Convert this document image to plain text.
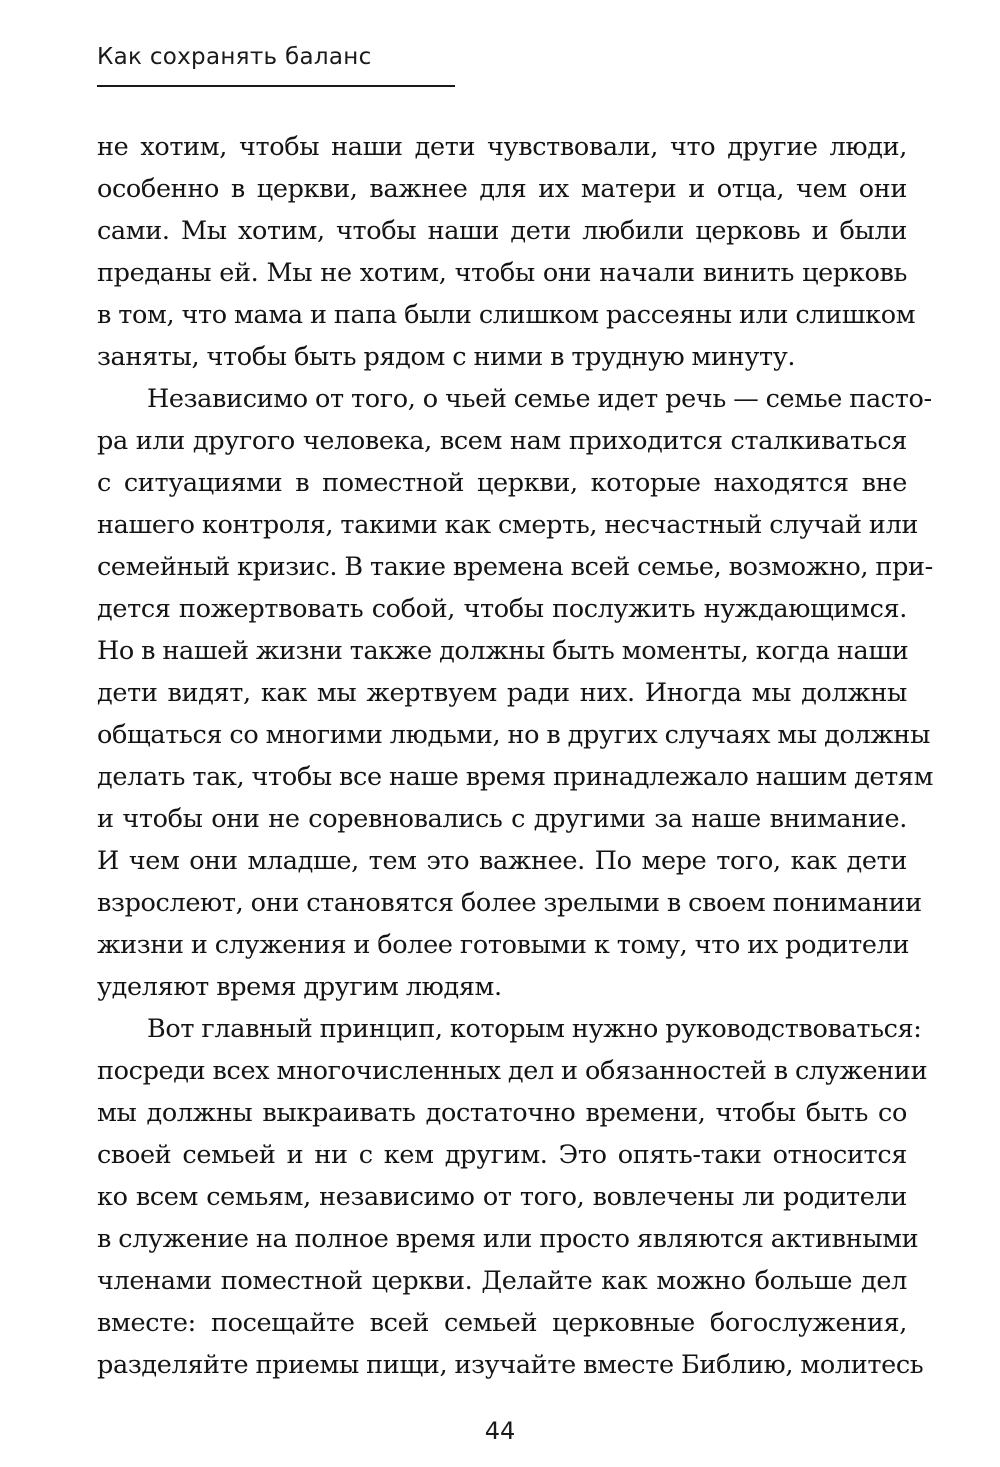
Как сохранять баланс
не хотим, чтобы наши дети чувствовали, что другие люди,
особенно в церкви, важнее для их матери и отца, чем они
сами. Мы хотим, чтобы наши дети любили церковь и были
преданы ей. Мы не хотим, чтобы они начали винить церковь
в том, что мама и папа были слишком рассеяны или слишком
заняты, чтобы быть рядом с ними в трудную минуту.
Независимо от того, о чьей семье идет речь — семье пасто-
ра или другого человека, всем нам приходится сталкиваться
с ситуациями в поместной церкви, которые находятся вне
нашего контроля, такими как смерть, несчастный случай или
семейный кризис. В такие времена всей семье, возможно, при-
дется пожертвовать собой, чтобы послужить нуждающимся.
Но в нашей жизни также должны быть моменты, когда наши
дети видят, как мы жертвуем ради них. Иногда мы должны
общаться со многими людьми, но в других случаях мы должны
делать так, чтобы все наше время принадлежало нашим детям
и чтобы они не соревновались с другими за наше внимание.
И чем они младше, тем это важнее. По мере того, как дети
взрослеют, они становятся более зрелыми в своем понимании
жизни и служения и более готовыми к тому, что их родители
уделяют время другим людям.
Вот главный принцип, которым нужно руководствоваться:
посреди всех многочисленных дел и обязанностей в служении
мы должны выкраивать достаточно времени, чтобы быть со
своей семьей и ни с кем другим. Это опять-таки относится
ко всем семьям, независимо от того, вовлечены ли родители
в служение на полное время или просто являются активными
членами поместной церкви. Делайте как можно больше дел
вместе: посещайте всей семьей церковные богослужения,
разделяйте приемы пищи, изучайте вместе Библию, молитесь
44
